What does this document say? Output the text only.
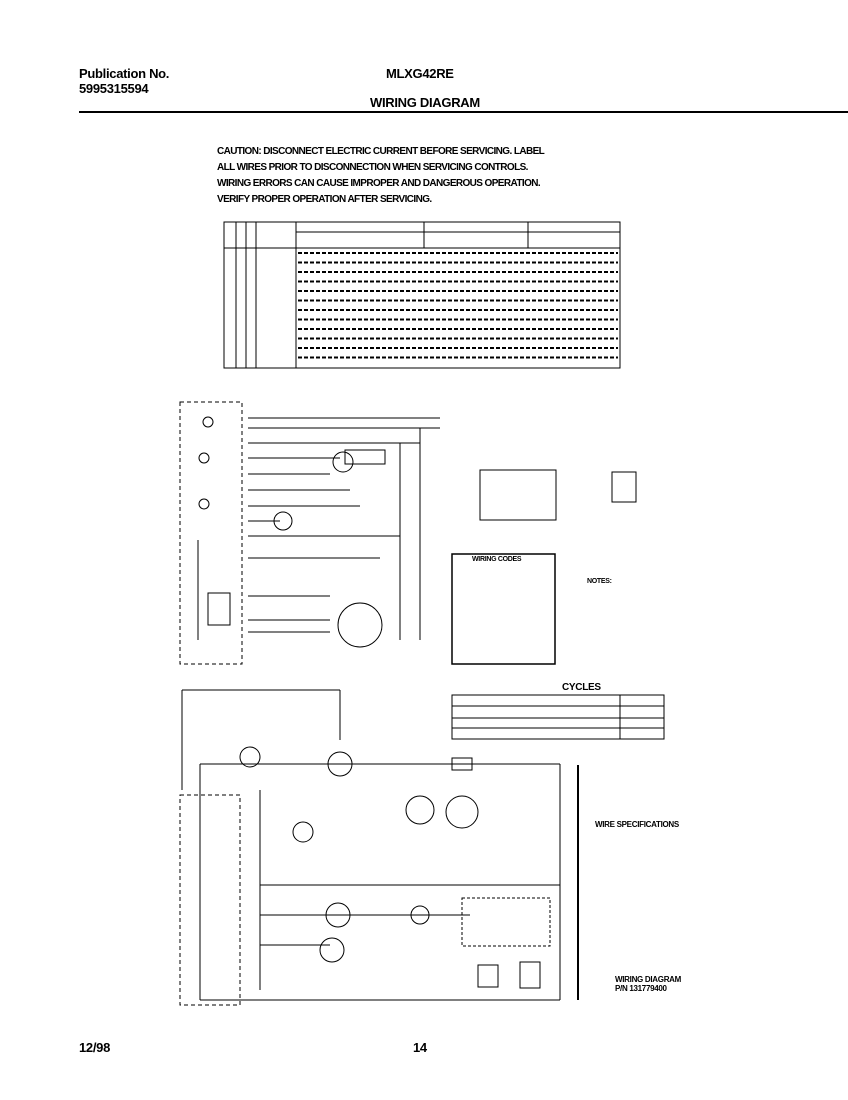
Publication No.
5995315594
MLXG42RE
WIRING DIAGRAM
CAUTION: DISCONNECT ELECTRIC CURRENT BEFORE SERVICING. LABEL
ALL WIRES PRIOR TO DISCONNECTION WHEN SERVICING CONTROLS.
WIRING ERRORS CAN CAUSE IMPROPER AND DANGEROUS OPERATION.
VERIFY PROPER OPERATION AFTER SERVICING.
WIRING CODES
NOTES:
CYCLES
WIRE SPECIFICATIONS
WIRING DIAGRAM
P/N 131779400
12/98	14
